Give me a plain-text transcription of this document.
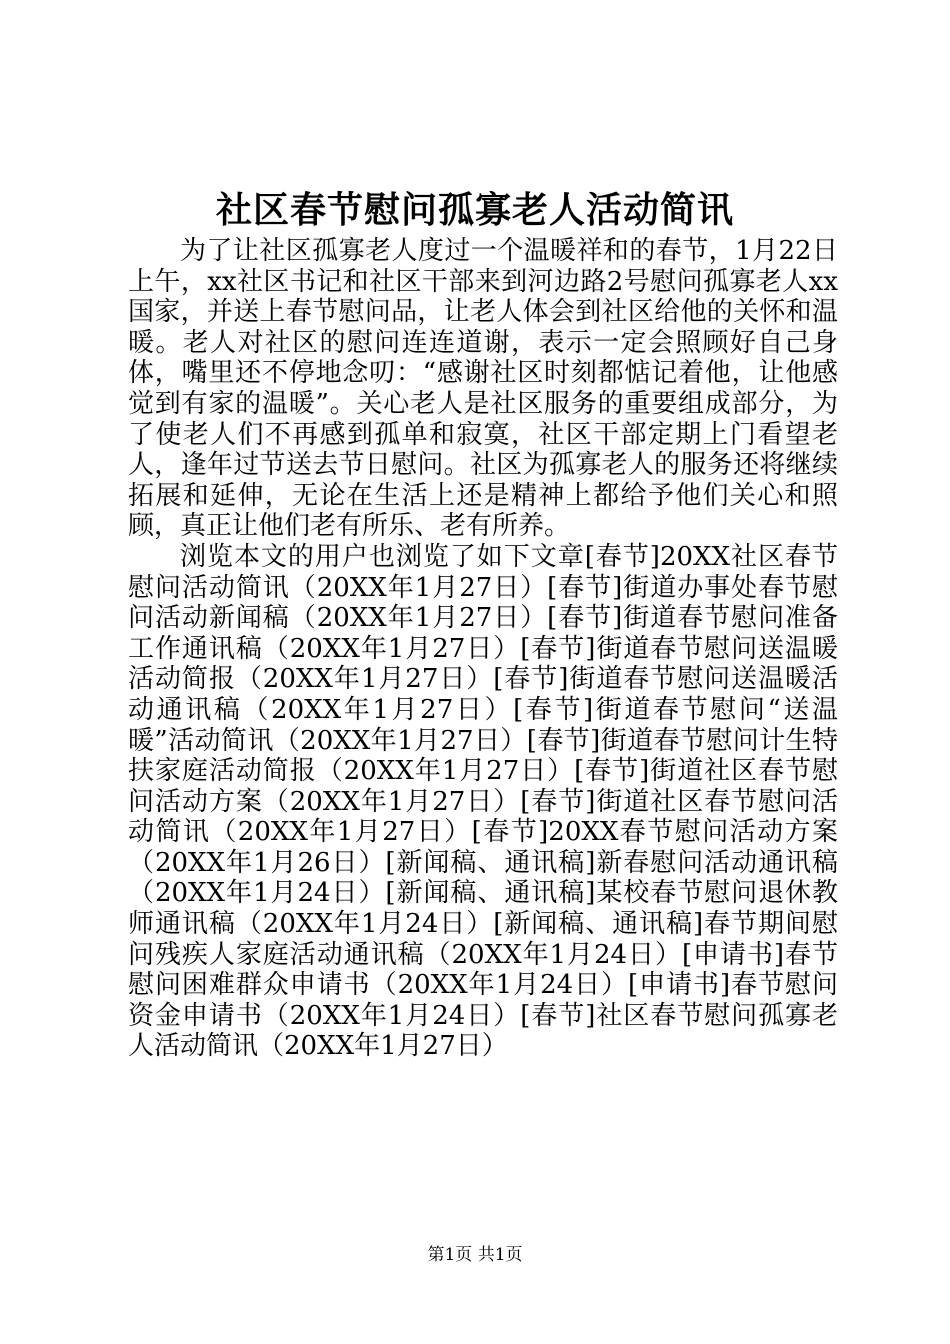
社区春节慰问孤寡老人活动简讯

为了让社区孤寡老人度过一个温暖祥和的春节，1月22日上午，xx社区书记和社区干部来到河边路2号慰问孤寡老人xx国家，并送上春节慰问品，让老人体会到社区给他的关怀和温暖。老人对社区的慰问连连道谢，表示一定会照顾好自己身体，嘴里还不停地念叨：“感谢社区时刻都惦记着他，让他感觉到有家的温暖”。关心老人是社区服务的重要组成部分，为了使老人们不再感到孤单和寂寞，社区干部定期上门看望老人，逢年过节送去节日慰问。社区为孤寡老人的服务还将继续拓展和延伸，无论在生活上还是精神上都给予他们关心和照顾，真正让他们老有所乐、老有所养。

浏览本文的用户也浏览了如下文章[春节]20XX社区春节慰问活动简讯（20XX年1月27日）[春节]街道办事处春节慰问活动新闻稿（20XX年1月27日）[春节]街道春节慰问准备工作通讯稿（20XX年1月27日）[春节]街道春节慰问送温暖活动简报（20XX年1月27日）[春节]街道春节慰问送温暖活动通讯稿（20XX年1月27日）[春节]街道春节慰问“送温暖”活动简讯（20XX年1月27日）[春节]街道春节慰问计生特扶家庭活动简报（20XX年1月27日）[春节]街道社区春节慰问活动方案（20XX年1月27日）[春节]街道社区春节慰问活动简讯（20XX年1月27日）[春节]20XX春节慰问活动方案（20XX年1月26日）[新闻稿、通讯稿]新春慰问活动通讯稿（20XX年1月24日）[新闻稿、通讯稿]某校春节慰问退休教师通讯稿（20XX年1月24日）[新闻稿、通讯稿]春节期间慰问残疾人家庭活动通讯稿（20XX年1月24日）[申请书]春节慰问困难群众申请书（20XX年1月24日）[申请书]春节慰问资金申请书（20XX年1月24日）[春节]社区春节慰问孤寡老人活动简讯（20XX年1月27日）

第1页 共1页
